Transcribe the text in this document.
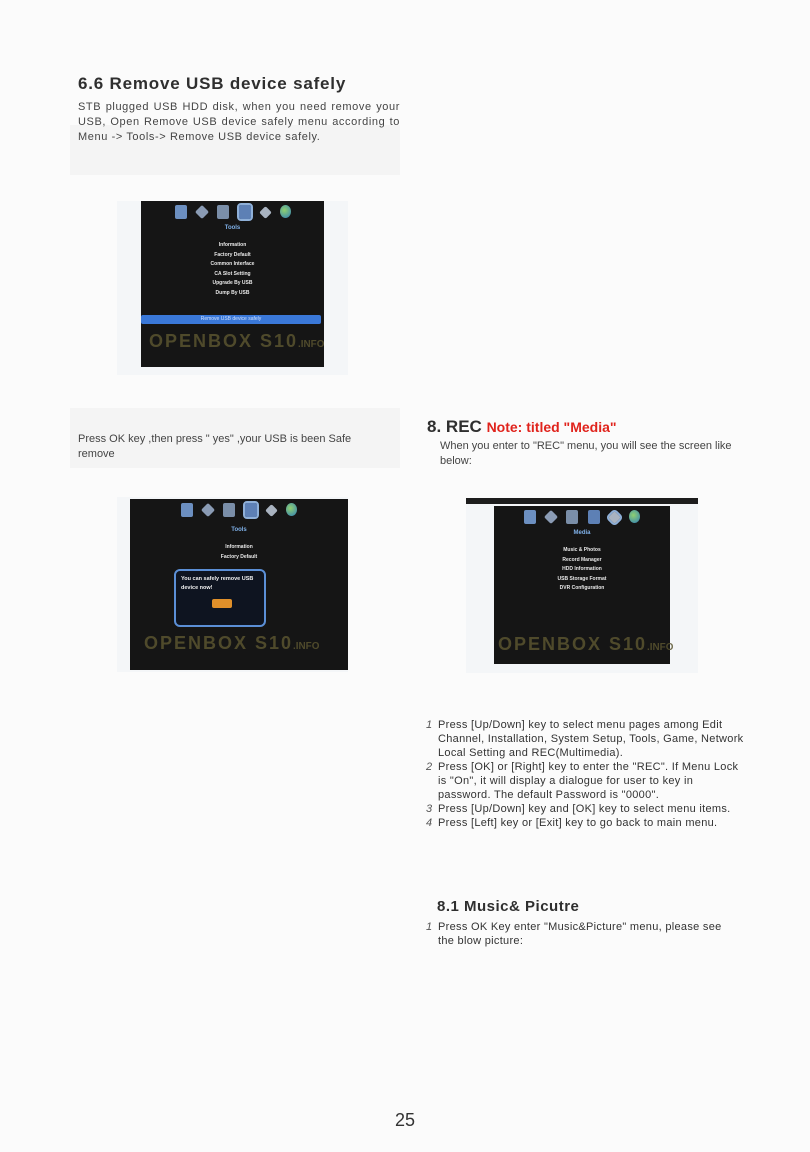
6.6 Remove USB device safely

STB plugged USB HDD disk, when you need remove your USB, Open Remove USB device safely menu according to Menu -> Tools-> Remove USB device safely.

Tools
Information
Factory Default
Common Interface
CA Slot Setting
Upgrade By USB
Dump By USB
Remove USB device safely
OPENBOX S10.INFO

Press OK key ,then press " yes" ,your USB is been Safe remove

Tools
Information
Factory Default
You can safely remove USB device now!
OPENBOX S10.INFO
8. REC Note: titled "Media"

When you enter to "REC" menu, you will see the screen like below:

Media
Music & Photos
Record Manager
HDD Information
USB Storage Format
DVR Configuration
OPENBOX S10.INFO
1 Press [Up/Down] key to select menu pages among Edit Channel, Installation, System Setup, Tools, Game, Network Local Setting and REC(Multimedia).
2 Press [OK] or [Right] key to enter the "REC". If Menu Lock is "On", it will display a dialogue for user to key in password. The default Password is "0000".
3 Press [Up/Down] key and [OK] key to select menu items.
4 Press [Left] key or [Exit] key to go back to main menu.
8.1 Music& Picutre
1 Press OK Key enter "Music&Picture" menu, please see the blow picture:
25
